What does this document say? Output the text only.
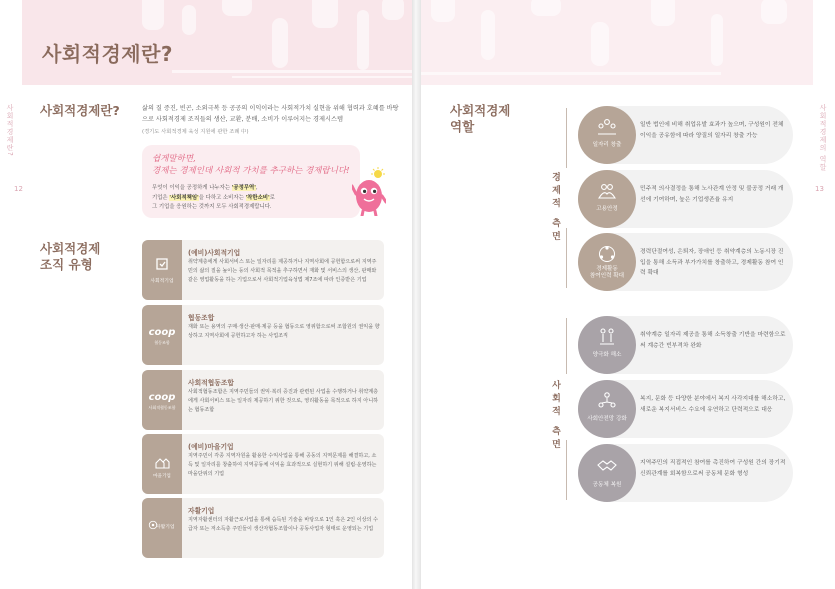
사회적경제란?
사회적경제란?
12
사회적경제란?	삶의 질 증진, 빈곤, 소외극복 등 공공의 이익이라는 사회적가치 실현을 위해 협력과 호혜를 바탕으로 사회적경제 조직들의 생산, 교환, 분배, 소비가 이루어지는 경제시스템
(경기도 사회적경제 육성 지원에 관한 조례 中)
쉽게말하면,
경제는 경제인데 사회적 가치를 추구하는 경제랍니다!
무엇이 이익을 공정하게 나누자는 '공정무역',
기업은 '사회적책임'을 다하고 소비자는 '착한소비'로
그 기업을 응원하는 것까지 모두 사회적경제랍니다.
사회적경제
조직 유형
사회적기업
(예비)사회적기업
취약계층에게 사회서비스 또는 일자리를 제공하거나 지역사회에 공헌함으로써 지역주민의 삶의 질을 높이는 등의 사회적 목적을 추구하면서 재화 및 서비스의 생산, 판매와 같은 영업활동을 하는 기업으로서 사회적기업육성법 제7조에 따라 인증받은 기업
coop
협동조합
협동조합
재화 또는 용역의 구매·생산·판매·제공 등을 협동으로 영위함으로써 조합원의 권익을 향상하고 지역사회에 공헌하고자 하는 사업조직
coop
사회적협동조합
사회적협동조합
사회적협동조합은 지역주민들의 권익·복리 증진과 관련된 사업을 수행하거나 취약계층에게 사회서비스 또는 일자리 제공하기 위한 것으로, 영리활동을 목적으로 하지 아니하는 협동조합
마을기업
(예비)마을기업
지역주민이 각종 지역자원을 활용한 수익사업을 통해 공동의 지역문제를 해결하고, 소득 및 일자리를 창출하여 지역공동체 이익을 효과적으로 실현하기 위해 설립·운영하는 마을단위의 기업
자활기업
자활기업
지역자활센터의 자활근로사업을 통해 습득된 기술을 바탕으로 1인 혹은 2인 이상의 수급자 또는 저소득층 주민들이 생산자협동조합이나 공동사업자 형태로 운영되는 기업
사회적경제의 역할
13
사회적경제
역할
경제적 측면
사회적 측면
일반 법인에 비해 취업유발 효과가 높으며, 구성원이 전체 이익을 공유함에 따라 양질의 일자리 창출 가능
일자리 창출
민주적 의사결정을 통해 노사관계 안정 및 불공정 거래 개선에 기여하며, 높은 기업생존율 유지
고용안정
경력단절여성, 은퇴자, 장애인 등 취약계층의 노동시장 진입을 통해 소득과 부가가치를 창출하고, 경제활동 참여 인력 확대
경제활동
참여인력 확대
취약계층 일자리 제공을 통해 소득창출 기반을 마련함으로써 계층간 빈부격차 완화
양극화 해소
복지, 문화 등 다양한 분야에서 복지 사각지대를 해소하고, 새로운 복지서비스 수요에 유연하고 단력적으로 대응
사회안전망 강화
지역주민의 직접적인 참여를 촉진하여 구성원 간의 장기적 신뢰관계를 회복함으로써 공동체 문화 형성
공동체 복원
